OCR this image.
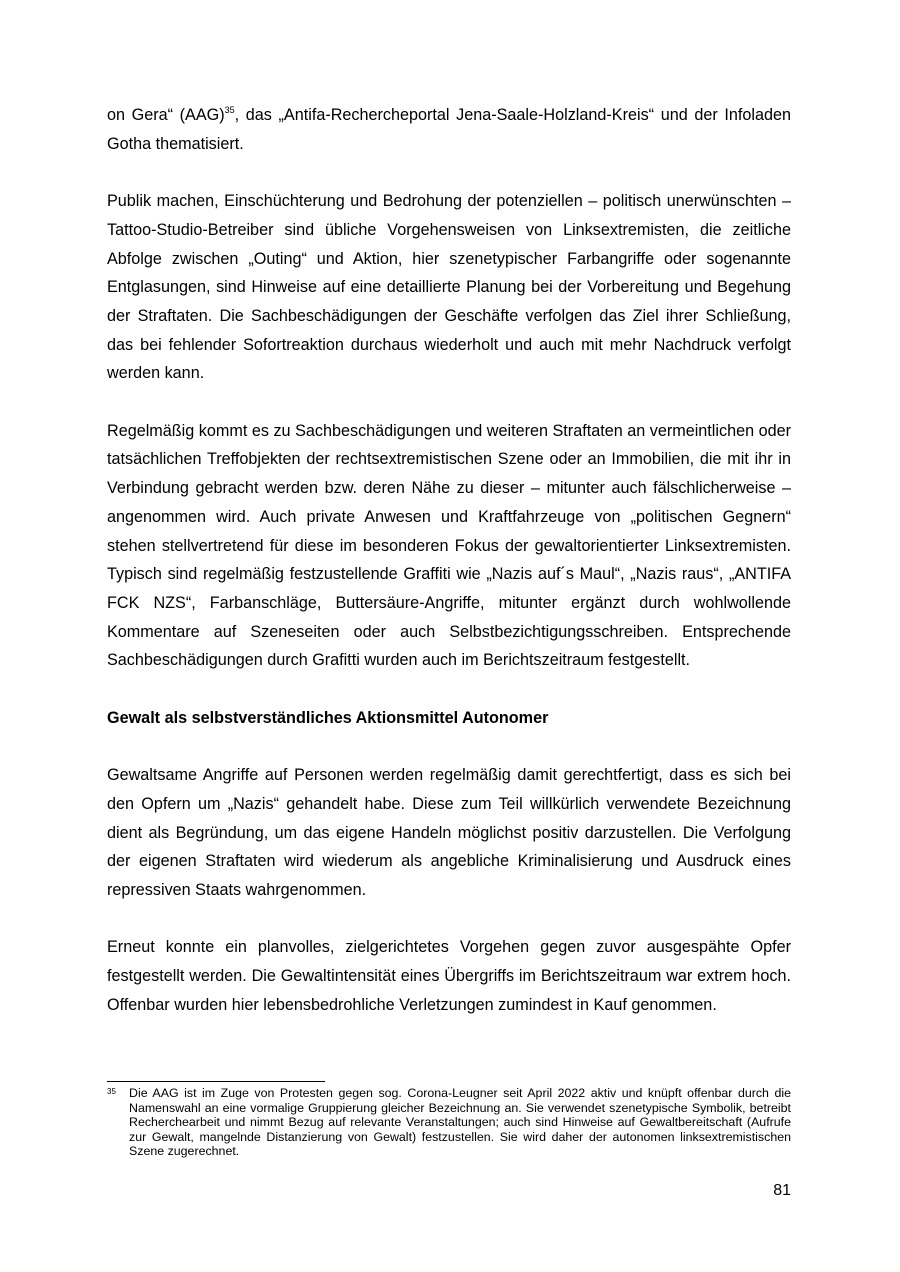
on Gera“ (AAG)$^{35}$, das „Antifa-Rechercheportal Jena-Saale-Holzland-Kreis“ und der Infoladen Gotha thematisiert.

Publik machen, Einschüchterung und Bedrohung der potenziellen – politisch unerwünschten – Tattoo-Studio-Betreiber sind übliche Vorgehensweisen von Linksextremisten, die zeitliche Abfolge zwischen „Outing“ und Aktion, hier szenetypischer Farbangriffe oder sogenannte Entglasungen, sind Hinweise auf eine detaillierte Planung bei der Vorbereitung und Begehung der Straftaten. Die Sachbeschädigungen der Geschäfte verfolgen das Ziel ihrer Schließung, das bei fehlender Sofortreaktion durchaus wiederholt und auch mit mehr Nachdruck verfolgt werden kann.

Regelmäßig kommt es zu Sachbeschädigungen und weiteren Straftaten an vermeintlichen oder tatsächlichen Treffobjekten der rechtsextremistischen Szene oder an Immobilien, die mit ihr in Verbindung gebracht werden bzw. deren Nähe zu dieser – mitunter auch fälschlicherweise – angenommen wird. Auch private Anwesen und Kraftfahrzeuge von „politischen Gegnern“ stehen stellvertretend für diese im besonderen Fokus der gewaltorientierter Linksextremisten. Typisch sind regelmäßig festzustellende Graffiti wie „Nazis auf´s Maul“, „Nazis raus“, „ANTIFA FCK NZS“, Farbanschläge, Buttersäure-Angriffe, mitunter ergänzt durch wohlwollende Kommentare auf Szeneseiten oder auch Selbstbezichtigungsschreiben. Entsprechende Sachbeschädigungen durch Grafitti wurden auch im Berichtszeitraum festgestellt.

Gewalt als selbstverständliches Aktionsmittel Autonomer

Gewaltsame Angriffe auf Personen werden regelmäßig damit gerechtfertigt, dass es sich bei den Opfern um „Nazis“ gehandelt habe. Diese zum Teil willkürlich verwendete Bezeichnung dient als Begründung, um das eigene Handeln möglichst positiv darzustellen. Die Verfolgung der eigenen Straftaten wird wiederum als angebliche Kriminalisierung und Ausdruck eines repressiven Staats wahrgenommen.

Erneut konnte ein planvolles, zielgerichtetes Vorgehen gegen zuvor ausgespähte Opfer festgestellt werden. Die Gewaltintensität eines Übergriffs im Berichtszeitraum war extrem hoch. Offenbar wurden hier lebensbedrohliche Verletzungen zumindest in Kauf genommen.

35	Die AAG ist im Zuge von Protesten gegen sog. Corona-Leugner seit April 2022 aktiv und knüpft offenbar durch die Namenswahl an eine vormalige Gruppierung gleicher Bezeichnung an. Sie verwendet szenetypische Symbolik, betreibt Recherchearbeit und nimmt Bezug auf relevante Veranstaltungen; auch sind Hinweise auf Gewaltbereitschaft (Aufrufe zur Gewalt, mangelnde Distanzierung von Gewalt) festzustellen. Sie wird daher der autonomen linksextremistischen Szene zugerechnet.
81
